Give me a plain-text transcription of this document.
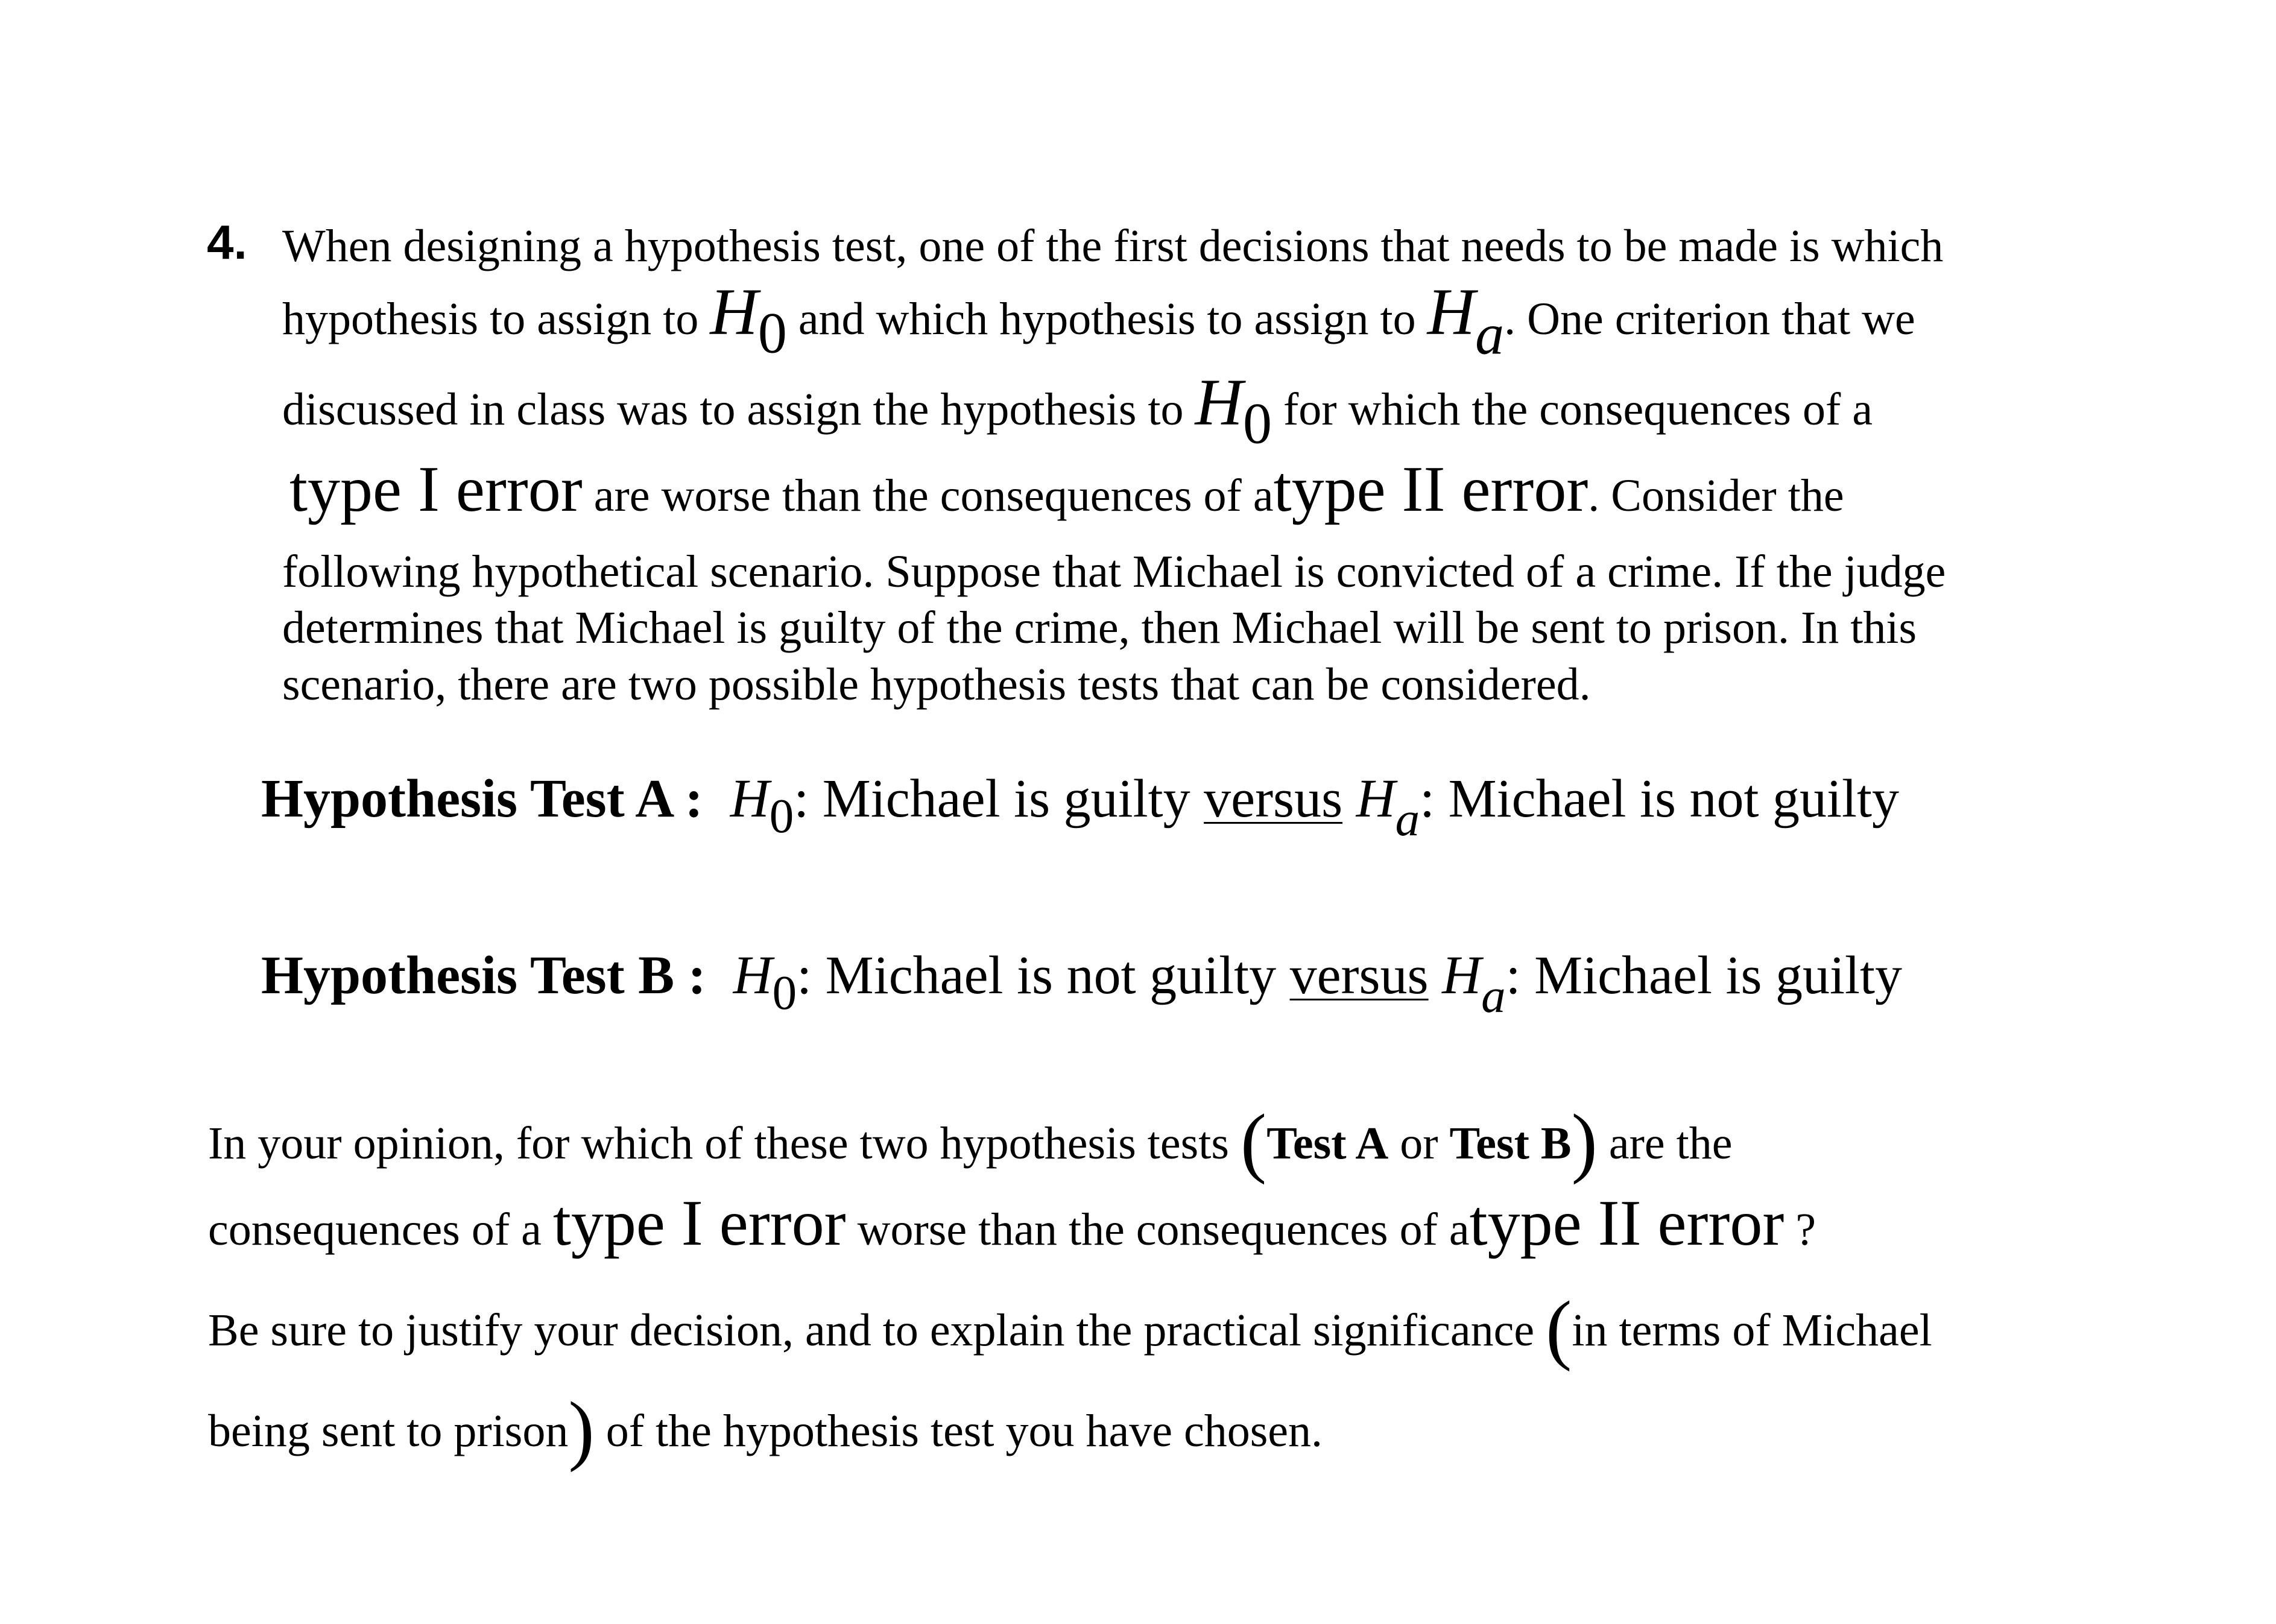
4. When designing a hypothesis test, one of the first decisions that needs to be made is which
hypothesis to assign to H0 and which hypothesis to assign to Ha. One criterion that we
discussed in class was to assign the hypothesis to H0 for which the consequences of a
type I error are worse than the consequences of atype II error. Consider the
following hypothetical scenario. Suppose that Michael is convicted of a crime. If the judge
determines that Michael is guilty of the crime, then Michael will be sent to prison. In this
scenario, there are two possible hypothesis tests that can be considered.
Hypothesis Test A : $H_0$: Michael is guilty versus Ha: Michael is not guilty
Hypothesis Test B : $H_0$: Michael is not guilty versus Ha: Michael is guilty
In your opinion, for which of these two hypothesis tests (Test A or Test B) are the
consequences of a type I error worse than the consequences of atype II error ?
Be sure to justify your decision, and to explain the practical significance (in terms of Michael
being sent to prison) of the hypothesis test you have chosen.
